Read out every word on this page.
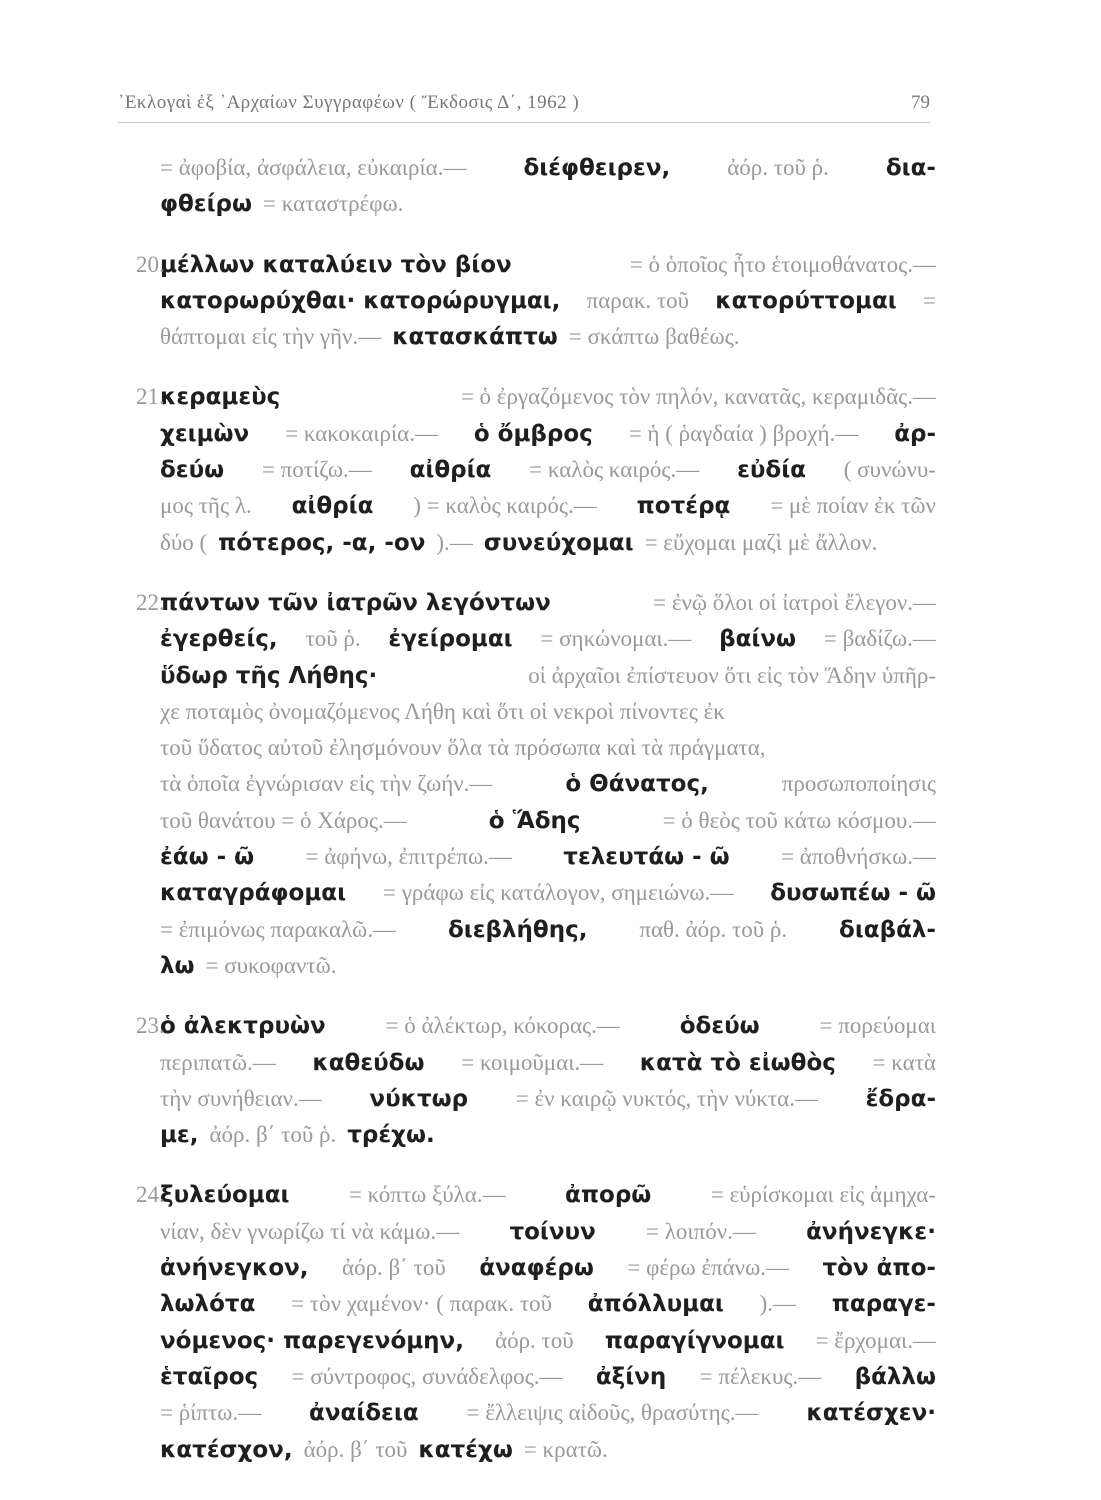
᾿Εκλογαὶ ἐξ ᾿Αρχαίων Συγγραφέων ( Ἔκδοσις Δ΄, 1962 )	79
= ἀφοβία, ἀσφάλεια, εὐκαιρία.— διέφθειρεν, ἀόρ. τοῦ ῥ. δια-
φθείρω = καταστρέφω.
20.
μέλλων καταλύειν τὸν βίον	= ὁ ὁποῖος ἦτο ἑτοιμοθάνατος.—
κατορωρύχθαι· κατορώρυγμαι, παρακ. τοῦ κατορύττομαι =
θάπτομαι εἰς τὴν γῆν.— κατασκάπτω = σκάπτω βαθέως.
21.
κεραμεὺς	= ὁ ἐργαζόμενος τὸν πηλόν, κανατᾶς, κεραμιδᾶς.—
χειμὼν = κακοκαιρία.— ὁ ὄμβρος = ἡ ( ῥαγδαία ) βροχή.— ἀρ-
δεύω = ποτίζω.— αἰθρία = καλὸς καιρός.— εὐδία ( συνώνυ-
μος τῆς λ. αἰθρία ) = καλὸς καιρός.— ποτέρᾳ = μὲ ποίαν ἐκ τῶν
δύο ( πότερος, -α, -ον ).— συνεύχομαι = εὔχομαι μαζὶ μὲ ἄλλον.
22.
πάντων τῶν ἰατρῶν λεγόντων	= ἐνῷ ὅλοι οἱ ἰατροὶ ἔλεγον.—
ἐγερθείς, τοῦ ῥ. ἐγείρομαι = σηκώνομαι.— βαίνω = βαδίζω.—
ὕδωρ τῆς Λήθης·	οἱ ἀρχαῖοι ἐπίστευον ὅτι εἰς τὸν Ἅδην ὑπῆρ-
χε ποταμὸς ὀνομαζόμενος Λήθη καὶ ὅτι οἱ νεκροὶ πίνοντες ἐκ
τοῦ ὕδατος αὐτοῦ ἐλησμόνουν ὅλα τὰ πρόσωπα καὶ τὰ πράγματα,
τὰ ὁποῖα ἐγνώρισαν εἰς τὴν ζωήν.—	ὁ Θάνατος,	προσωποποίησις
τοῦ θανάτου = ὁ Χάρος.—	ὁ Ἅδης	= ὁ θεὸς τοῦ κάτω κόσμου.—
ἐάω - ῶ = ἀφήνω, ἐπιτρέπω.— τελευτάω - ῶ = ἀποθνήσκω.—
καταγράφομαι = γράφω εἰς κατάλογον, σημειώνω.— δυσωπέω - ῶ
= ἐπιμόνως παρακαλῶ.— διεβλήθης, παθ. ἀόρ. τοῦ ῥ. διαβάλ-
λω = συκοφαντῶ.
23.
ὁ ἀλεκτρυὼν	= ὁ ἀλέκτωρ, κόκορας.—	ὁδεύω	= πορεύομαι
περιπατῶ.— καθεύδω = κοιμοῦμαι.— κατὰ τὸ εἰωθὸς = κατὰ
τὴν συνήθειαν.— νύκτωρ = ἐν καιρῷ νυκτός, τὴν νύκτα.— ἔδρα-
με, ἀόρ. β΄ τοῦ ῥ. τρέχω.
24.
ξυλεύομαι	= κόπτω ξύλα.—	ἀπορῶ	= εὑρίσκομαι εἰς ἀμηχα-
νίαν, δὲν γνωρίζω τί νὰ κάμω.— τοίνυν = λοιπόν.— ἀνήνεγκε·
ἀνήνεγκον, ἀόρ. β΄ τοῦ ἀναφέρω = φέρω ἐπάνω.— τὸν ἀπο-
λωλότα = τὸν χαμένον· ( παρακ. τοῦ ἀπόλλυμαι ).— παραγε-
νόμενος· παρεγενόμην, ἀόρ. τοῦ παραγίγνομαι = ἔρχομαι.—
ἑταῖρος = σύντροφος, συνάδελφος.— ἀξίνη = πέλεκυς.— βάλλω
= ῥίπτω.— ἀναίδεια = ἔλλειψις αἰδοῦς, θρασύτης.— κατέσχεν·
κατέσχον, ἀόρ. β΄ τοῦ κατέχω = κρατῶ.
